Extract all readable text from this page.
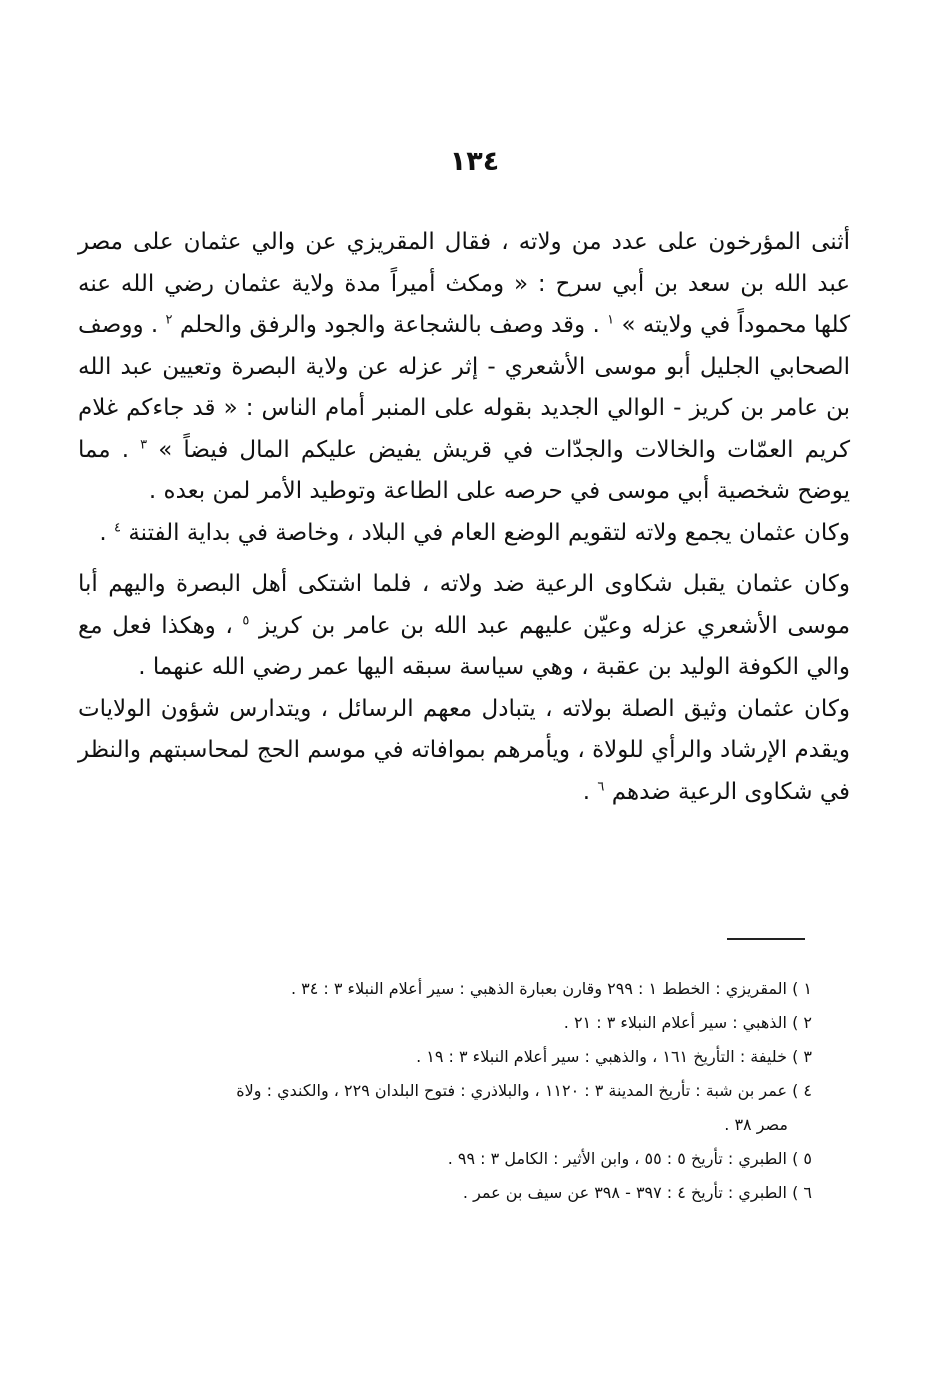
١٣٤

أثنى المؤرخون على عدد من ولاته ، فقال المقريزي عن والي عثمان على مصر عبد الله بن سعد بن أبي سرح : « ومكث أميراً مدة ولاية عثمان رضي الله عنه كلها محموداً في ولايته » $^١$ . وقد وصف بالشجاعة والجود والرفق والحلم $^٢$ . ووصف الصحابي الجليل أبو موسى الأشعري - إثر عزله عن ولاية البصرة وتعيين عبد الله بن عامر بن كريز - الوالي الجديد بقوله على المنبر أمام الناس : « قد جاءكم غلام كريم العمّات والخالات والجدّات في قريش يفيض عليكم المال فيضاً » $^٣$ . مما يوضح شخصية أبي موسى في حرصه على الطاعة وتوطيد الأمر لمن بعده .

وكان عثمان يجمع ولاته لتقويم الوضع العام في البلاد ، وخاصة في بداية الفتنة $^٤$ .

وكان عثمان يقبل شكاوى الرعية ضد ولاته ، فلما اشتكى أهل البصرة واليهم أبا موسى الأشعري عزله وعيّن عليهم عبد الله بن عامر بن كريز $^٥$ ، وهكذا فعل مع والي الكوفة الوليد بن عقبة ، وهي سياسة سبقه اليها عمر رضي الله عنهما .

وكان عثمان وثيق الصلة بولاته ، يتبادل معهم الرسائل ، ويتدارس شؤون الولايات ويقدم الإرشاد والرأي للولاة ، ويأمرهم بموافاته في موسم الحج لمحاسبتهم والنظر في شكاوى الرعية ضدهم $^٦$ .

١ ) المقريزي : الخطط ١ : ٢٩٩ وقارن بعبارة الذهبي : سير أعلام النبلاء ٣ : ٣٤ .

٢ ) الذهبي : سير أعلام النبلاء ٣ : ٢١ .

٣ ) خليفة : التأريخ ١٦١ ، والذهبي : سير أعلام النبلاء ٣ : ١٩ .

٤ ) عمر بن شبة : تأريخ المدينة ٣ : ١١٢٠ ، والبلاذري : فتوح البلدان ٢٢٩ ، والكندي : ولاة

مصر ٣٨ .

٥ ) الطبري : تأريخ ٥ : ٥٥ ، وابن الأثير : الكامل ٣ : ٩٩ .

٦ ) الطبري : تأريخ ٤ : ٣٩٧ - ٣٩٨ عن سيف بن عمر .
